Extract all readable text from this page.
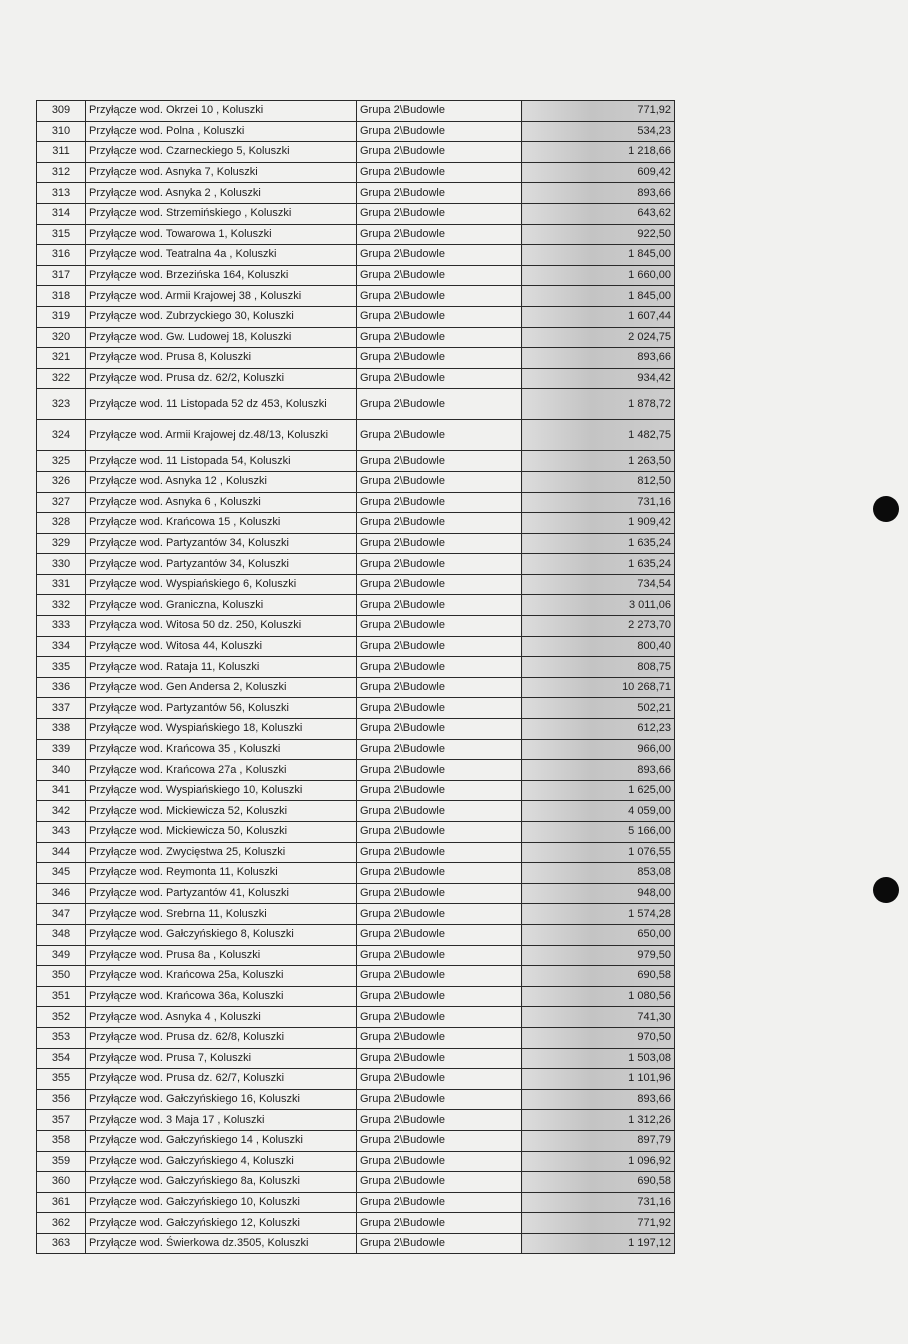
309	Przyłącze wod. Okrzei 10 , Koluszki	Grupa 2\Budowle	771,92
310	Przyłącze wod. Polna , Koluszki	Grupa 2\Budowle	534,23
311	Przyłącze wod. Czarneckiego 5, Koluszki	Grupa 2\Budowle	1 218,66
312	Przyłącze wod. Asnyka 7, Koluszki	Grupa 2\Budowle	609,42
313	Przyłącze wod. Asnyka 2 , Koluszki	Grupa 2\Budowle	893,66
314	Przyłącze wod. Strzemińskiego , Koluszki	Grupa 2\Budowle	643,62
315	Przyłącze wod. Towarowa 1, Koluszki	Grupa 2\Budowle	922,50
316	Przyłącze wod. Teatralna 4a , Koluszki	Grupa 2\Budowle	1 845,00
317	Przyłącze wod. Brzezińska 164, Koluszki	Grupa 2\Budowle	1 660,00
318	Przyłącze wod. Armii Krajowej 38 , Koluszki	Grupa 2\Budowle	1 845,00
319	Przyłącze wod. Zubrzyckiego 30, Koluszki	Grupa 2\Budowle	1 607,44
320	Przyłącze wod. Gw. Ludowej 18, Koluszki	Grupa 2\Budowle	2 024,75
321	Przyłącze wod. Prusa 8, Koluszki	Grupa 2\Budowle	893,66
322	Przyłącze wod. Prusa dz. 62/2, Koluszki	Grupa 2\Budowle	934,42
323	Przyłącze wod. 11 Listopada 52 dz 453, Koluszki	Grupa 2\Budowle	1 878,72
324	Przyłącze wod. Armii Krajowej dz.48/13, Koluszki	Grupa 2\Budowle	1 482,75
325	Przyłącze wod. 11 Listopada 54, Koluszki	Grupa 2\Budowle	1 263,50
326	Przyłącze wod. Asnyka 12 , Koluszki	Grupa 2\Budowle	812,50
327	Przyłącze wod. Asnyka 6 , Koluszki	Grupa 2\Budowle	731,16
328	Przyłącze wod. Krańcowa 15 , Koluszki	Grupa 2\Budowle	1 909,42
329	Przyłącze wod. Partyzantów 34, Koluszki	Grupa 2\Budowle	1 635,24
330	Przyłącze wod. Partyzantów 34, Koluszki	Grupa 2\Budowle	1 635,24
331	Przyłącze wod. Wyspiańskiego 6, Koluszki	Grupa 2\Budowle	734,54
332	Przyłącze wod. Graniczna, Koluszki	Grupa 2\Budowle	3 011,06
333	Przyłącza wod. Witosa 50 dz. 250, Koluszki	Grupa 2\Budowle	2 273,70
334	Przyłącze wod. Witosa 44, Koluszki	Grupa 2\Budowle	800,40
335	Przyłącze wod. Rataja 11, Koluszki	Grupa 2\Budowle	808,75
336	Przyłącze wod. Gen Andersa 2, Koluszki	Grupa 2\Budowle	10 268,71
337	Przyłącze wod. Partyzantów 56, Koluszki	Grupa 2\Budowle	502,21
338	Przyłącze wod. Wyspiańskiego 18, Koluszki	Grupa 2\Budowle	612,23
339	Przyłącze wod. Krańcowa 35 , Koluszki	Grupa 2\Budowle	966,00
340	Przyłącze wod. Krańcowa 27a , Koluszki	Grupa 2\Budowle	893,66
341	Przyłącze wod. Wyspiańskiego 10, Koluszki	Grupa 2\Budowle	1 625,00
342	Przyłącze wod. Mickiewicza 52, Koluszki	Grupa 2\Budowle	4 059,00
343	Przyłącze wod. Mickiewicza 50, Koluszki	Grupa 2\Budowle	5 166,00
344	Przyłącze wod. Zwycięstwa 25, Koluszki	Grupa 2\Budowle	1 076,55
345	Przyłącze wod. Reymonta 11, Koluszki	Grupa 2\Budowle	853,08
346	Przyłącze wod. Partyzantów 41, Koluszki	Grupa 2\Budowle	948,00
347	Przyłącze wod. Srebrna 11, Koluszki	Grupa 2\Budowle	1 574,28
348	Przyłącze wod. Gałczyńskiego 8, Koluszki	Grupa 2\Budowle	650,00
349	Przyłącze wod. Prusa 8a , Koluszki	Grupa 2\Budowle	979,50
350	Przyłącze wod. Krańcowa 25a, Koluszki	Grupa 2\Budowle	690,58
351	Przyłącze wod. Krańcowa 36a, Koluszki	Grupa 2\Budowle	1 080,56
352	Przyłącze wod. Asnyka 4 , Koluszki	Grupa 2\Budowle	741,30
353	Przyłącze wod. Prusa dz. 62/8, Koluszki	Grupa 2\Budowle	970,50
354	Przyłącze wod. Prusa 7, Koluszki	Grupa 2\Budowle	1 503,08
355	Przyłącze wod. Prusa dz. 62/7, Koluszki	Grupa 2\Budowle	1 101,96
356	Przyłącze wod. Gałczyńskiego 16, Koluszki	Grupa 2\Budowle	893,66
357	Przyłącze wod. 3 Maja 17 , Koluszki	Grupa 2\Budowle	1 312,26
358	Przyłącze wod. Gałczyńskiego 14 , Koluszki	Grupa 2\Budowle	897,79
359	Przyłącze wod. Gałczyńskiego 4, Koluszki	Grupa 2\Budowle	1 096,92
360	Przyłącze wod. Gałczyńskiego 8a, Koluszki	Grupa 2\Budowle	690,58
361	Przyłącze wod. Gałczyńskiego 10, Koluszki	Grupa 2\Budowle	731,16
362	Przyłącze wod. Gałczyńskiego 12, Koluszki	Grupa 2\Budowle	771,92
363	Przyłącze wod. Świerkowa dz.3505, Koluszki	Grupa 2\Budowle	1 197,12
